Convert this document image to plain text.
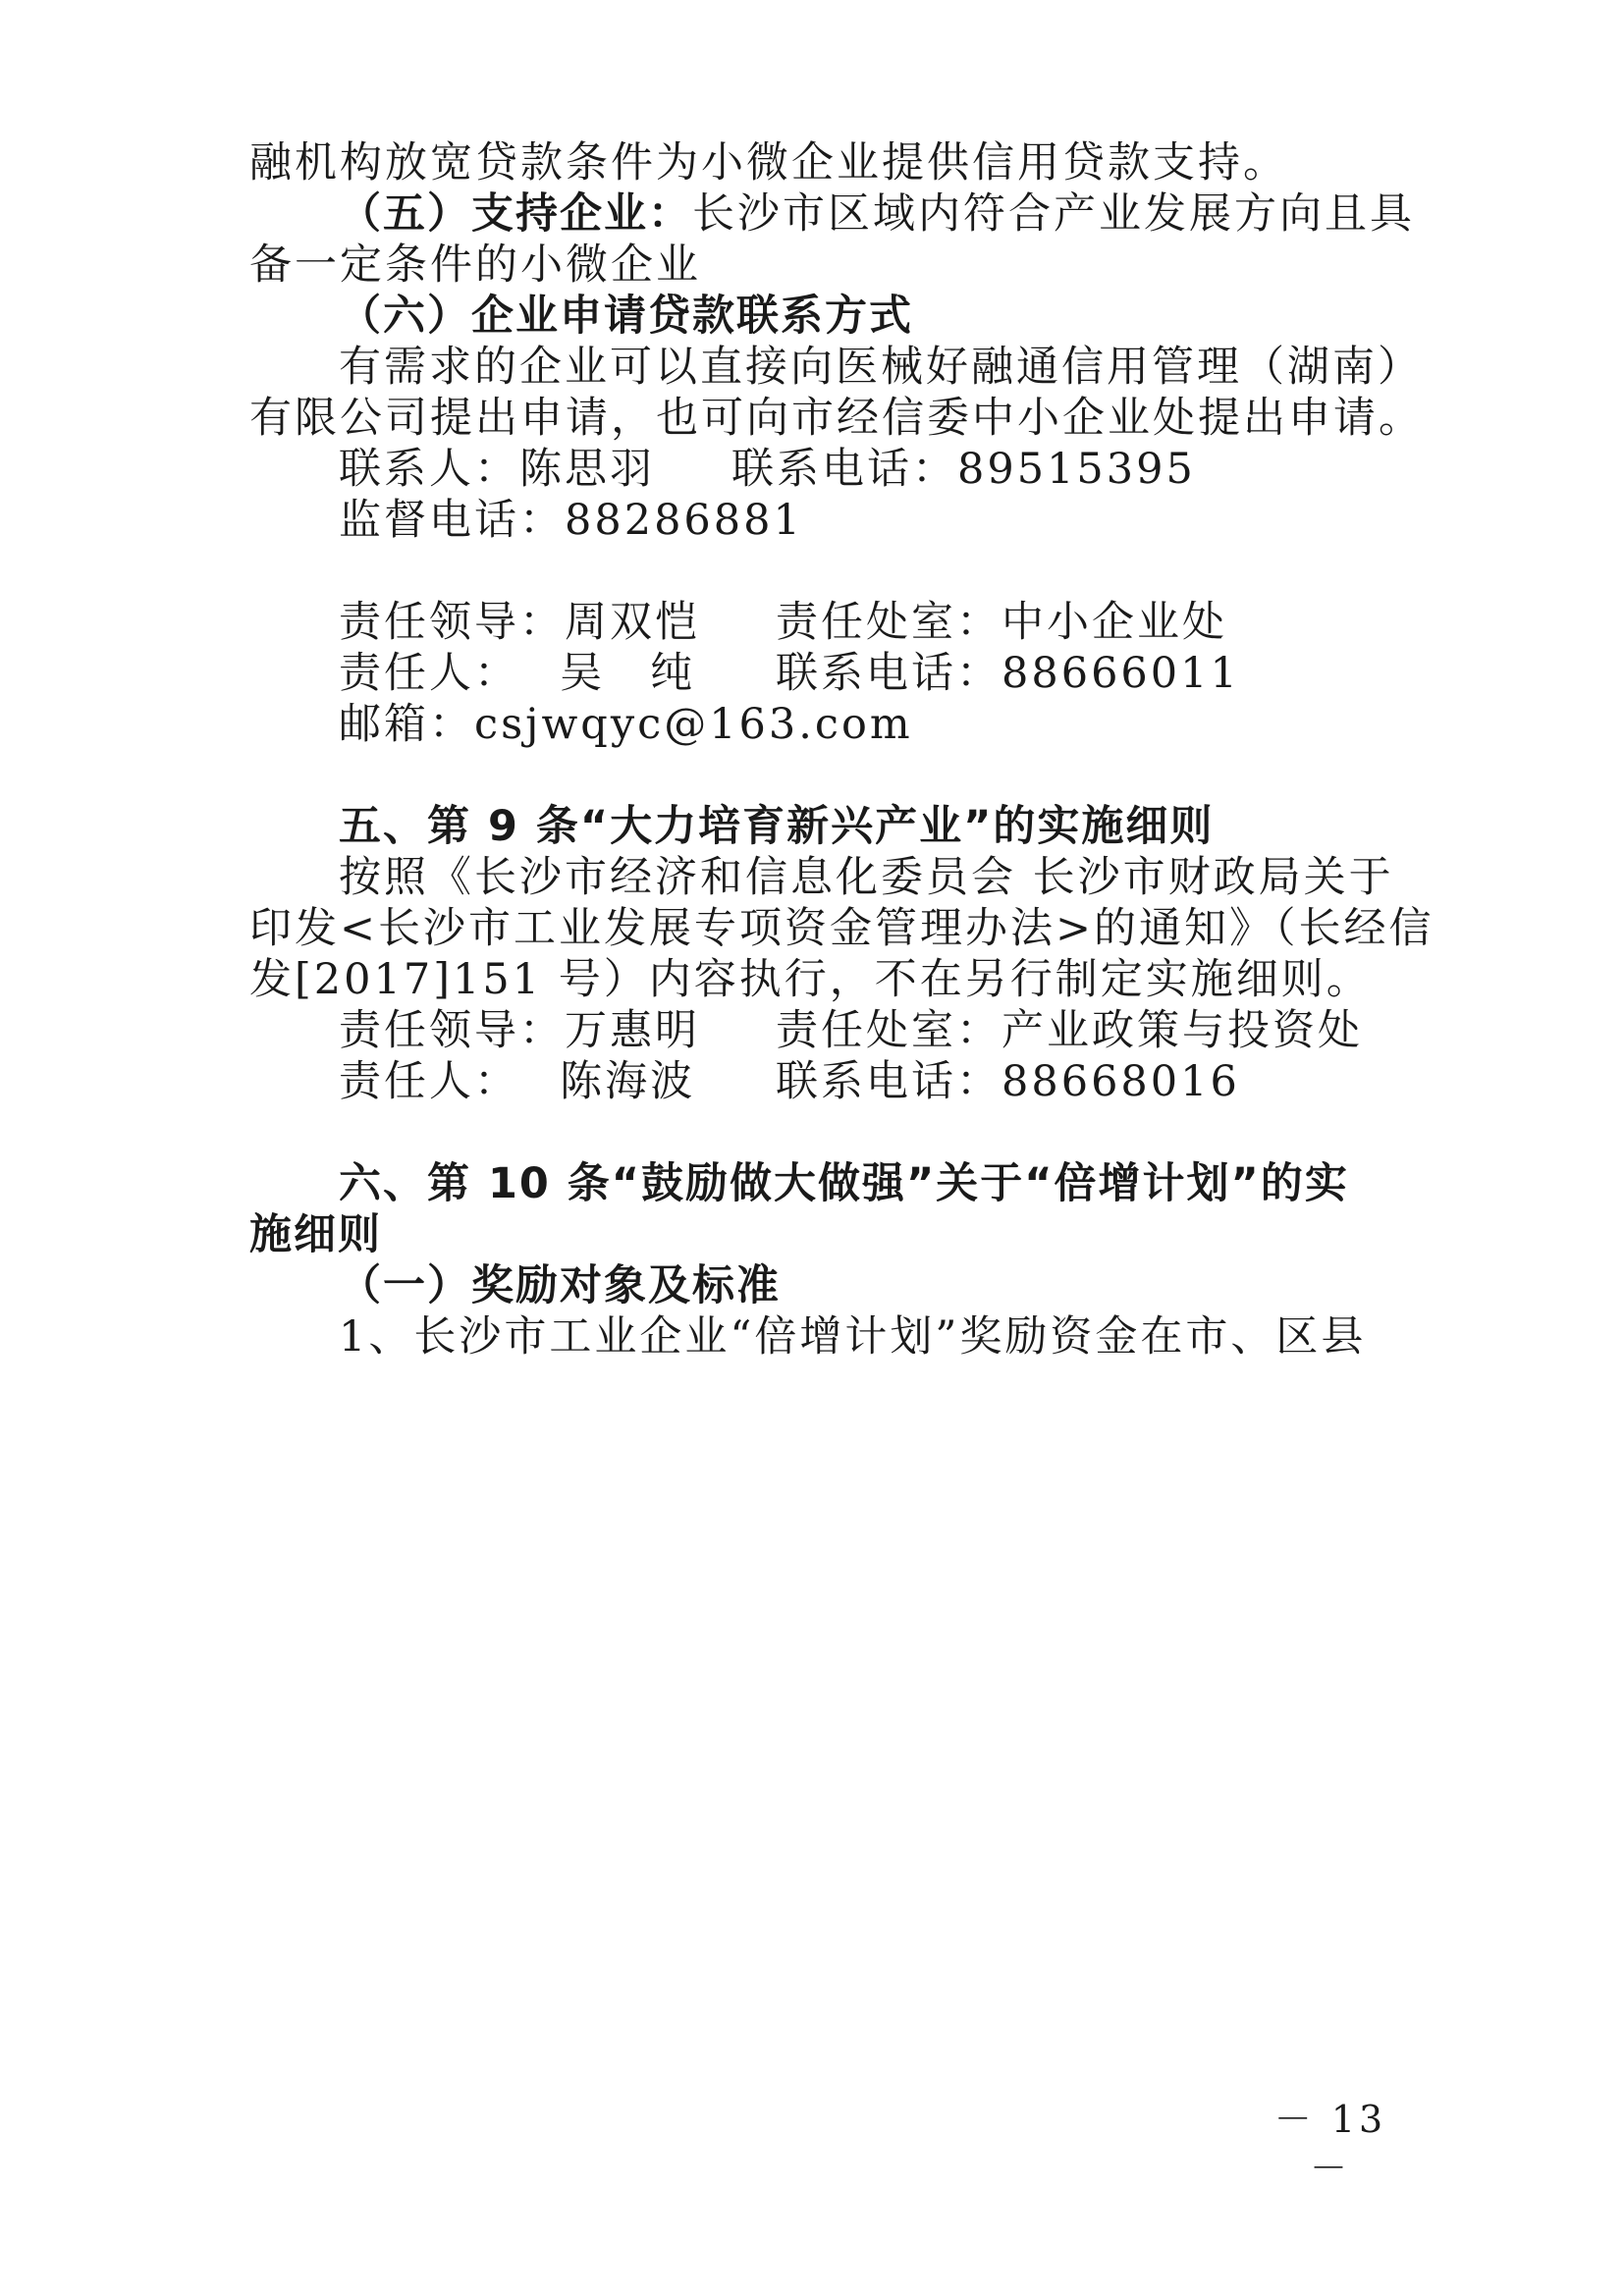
融机构放宽贷款条件为小微企业提供信用贷款支持。
（五）支持企业：长沙市区域内符合产业发展方向且具
备一定条件的小微企业
（六）企业申请贷款联系方式
有需求的企业可以直接向医械好融通信用管理（湖南）
有限公司提出申请，也可向市经信委中小企业处提出申请。
联系人：陈思羽 联系电话：89515395
监督电话：88286881
责任领导：周双恺 责任处室：中小企业处
责任人：　 吴　纯 联系电话：88666011
邮箱：csjwqyc@163.com
五、第 9 条“大力培育新兴产业”的实施细则
按照《长沙市经济和信息化委员会 长沙市财政局关于
印发<长沙市工业发展专项资金管理办法>的通知》（长经信
发[2017]151 号）内容执行，不在另行制定实施细则。
责任领导：万惠明 责任处室：产业政策与投资处
责任人：　 陈海波 联系电话：88668016
六、第 10 条“鼓励做大做强”关于“倍增计划”的实
施细则
（一）奖励对象及标准
1、长沙市工业企业“倍增计划”奖励资金在市、区县
－ 13 －
